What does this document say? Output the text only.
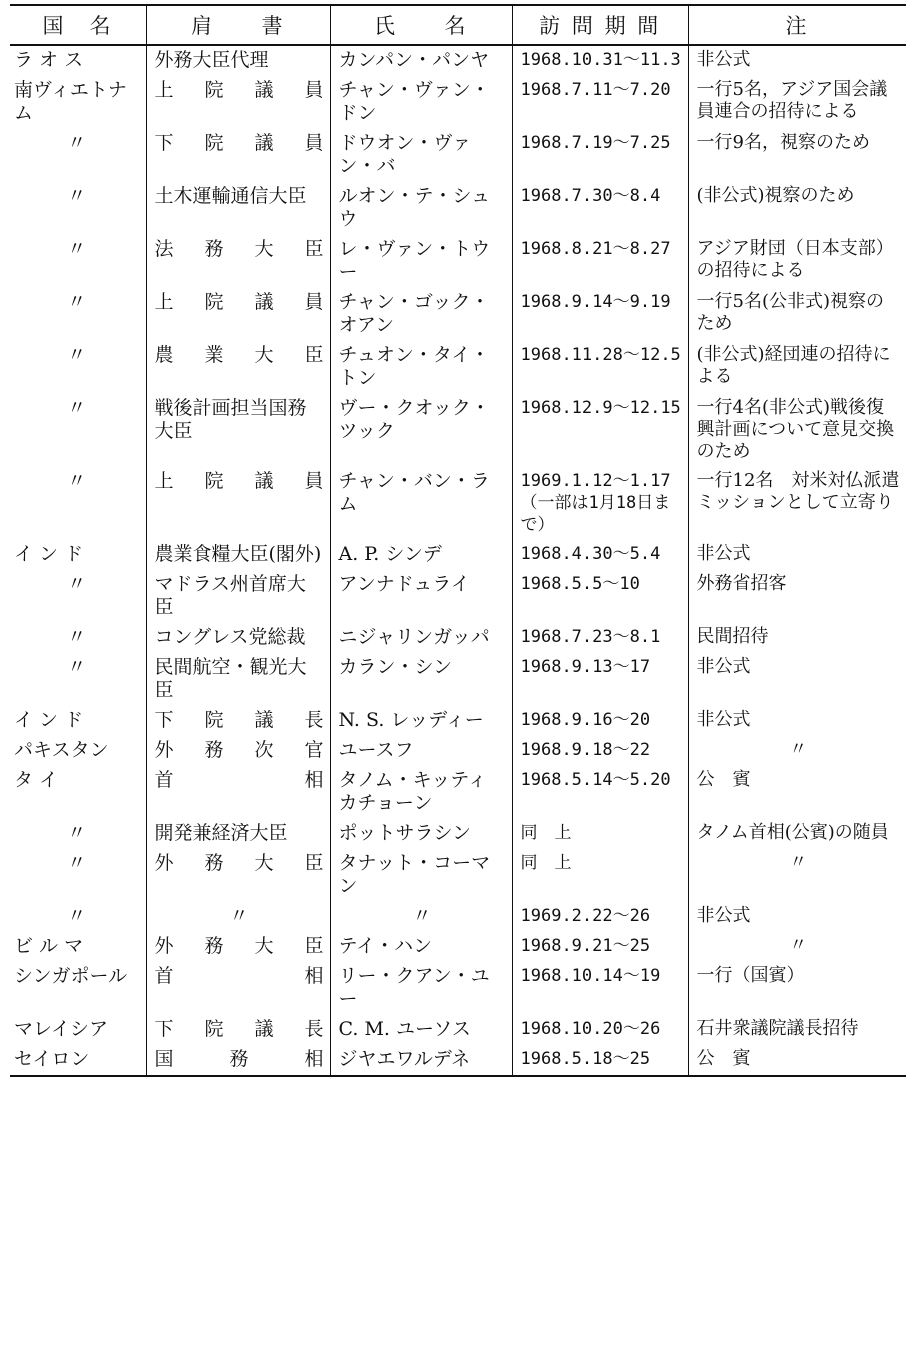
国　名	肩　　書	氏　　名	訪 問 期 間	注
ラ オ ス	外務大臣代理	カンパン・パンヤ	1968.10.31～11.3	非公式
南ヴィエトナム	上院議員	チャン・ヴァン・ドン	1968.7.11～7.20	一行5名，アジア国会議員連合の招待による
〃	下院議員	ドウオン・ヴァン・バ	1968.7.19～7.25	一行9名，視察のため
〃	土木運輸通信大臣	ルオン・テ・シュウ	1968.7.30～8.4	(非公式)視察のため
〃	法務大臣	レ・ヴァン・トウー	1968.8.21～8.27	アジア財団（日本支部）の招待による
〃	上院議員	チャン・ゴック・オアン	1968.9.14～9.19	一行5名(公非式)視察のため
〃	農業大臣	チュオン・タイ・トン	1968.11.28～12.5	(非公式)経団連の招待による
〃	戦後計画担当国務大臣	ヴー・クオック・ツック	1968.12.9～12.15	一行4名(非公式)戦後復興計画について意見交換のため
〃	上院議員	チャン・バン・ラム	1969.1.12～1.17（一部は1月18日まで）	一行12名　対米対仏派遣ミッションとして立寄り
イ ン ド	農業食糧大臣(閣外)	A. P. シンデ	1968.4.30～5.4	非公式
〃	マドラス州首席大臣	アンナドュライ	1968.5.5～10	外務省招客
〃	コングレス党総裁	ニジャリンガッパ	1968.7.23～8.1	民間招待
〃	民間航空・観光大臣	カラン・シン	1968.9.13～17	非公式
イ ン ド	下院議長	N. S. レッディー	1968.9.16～20	非公式
パキスタン	外務次官	ユースフ	1968.9.18～22	〃
タ イ	首相	タノム・キッティカチョーン	1968.5.14～5.20	公　賓
〃	開発兼経済大臣	ポットサラシン	同　上	タノム首相(公賓)の随員
〃	外務大臣	タナット・コーマン	同　上	〃
〃	〃	〃	1969.2.22～26	非公式
ビ ル マ	外務大臣	テイ・ハン	1968.9.21～25	〃
シンガポール	首相	リー・クアン・ユー	1968.10.14～19	一行（国賓）
マレイシア	下院議長	C. M. ユーソス	1968.10.20～26	石井衆議院議長招待
セイロン	国務相	ジヤエワルデネ	1968.5.18～25	公　賓
